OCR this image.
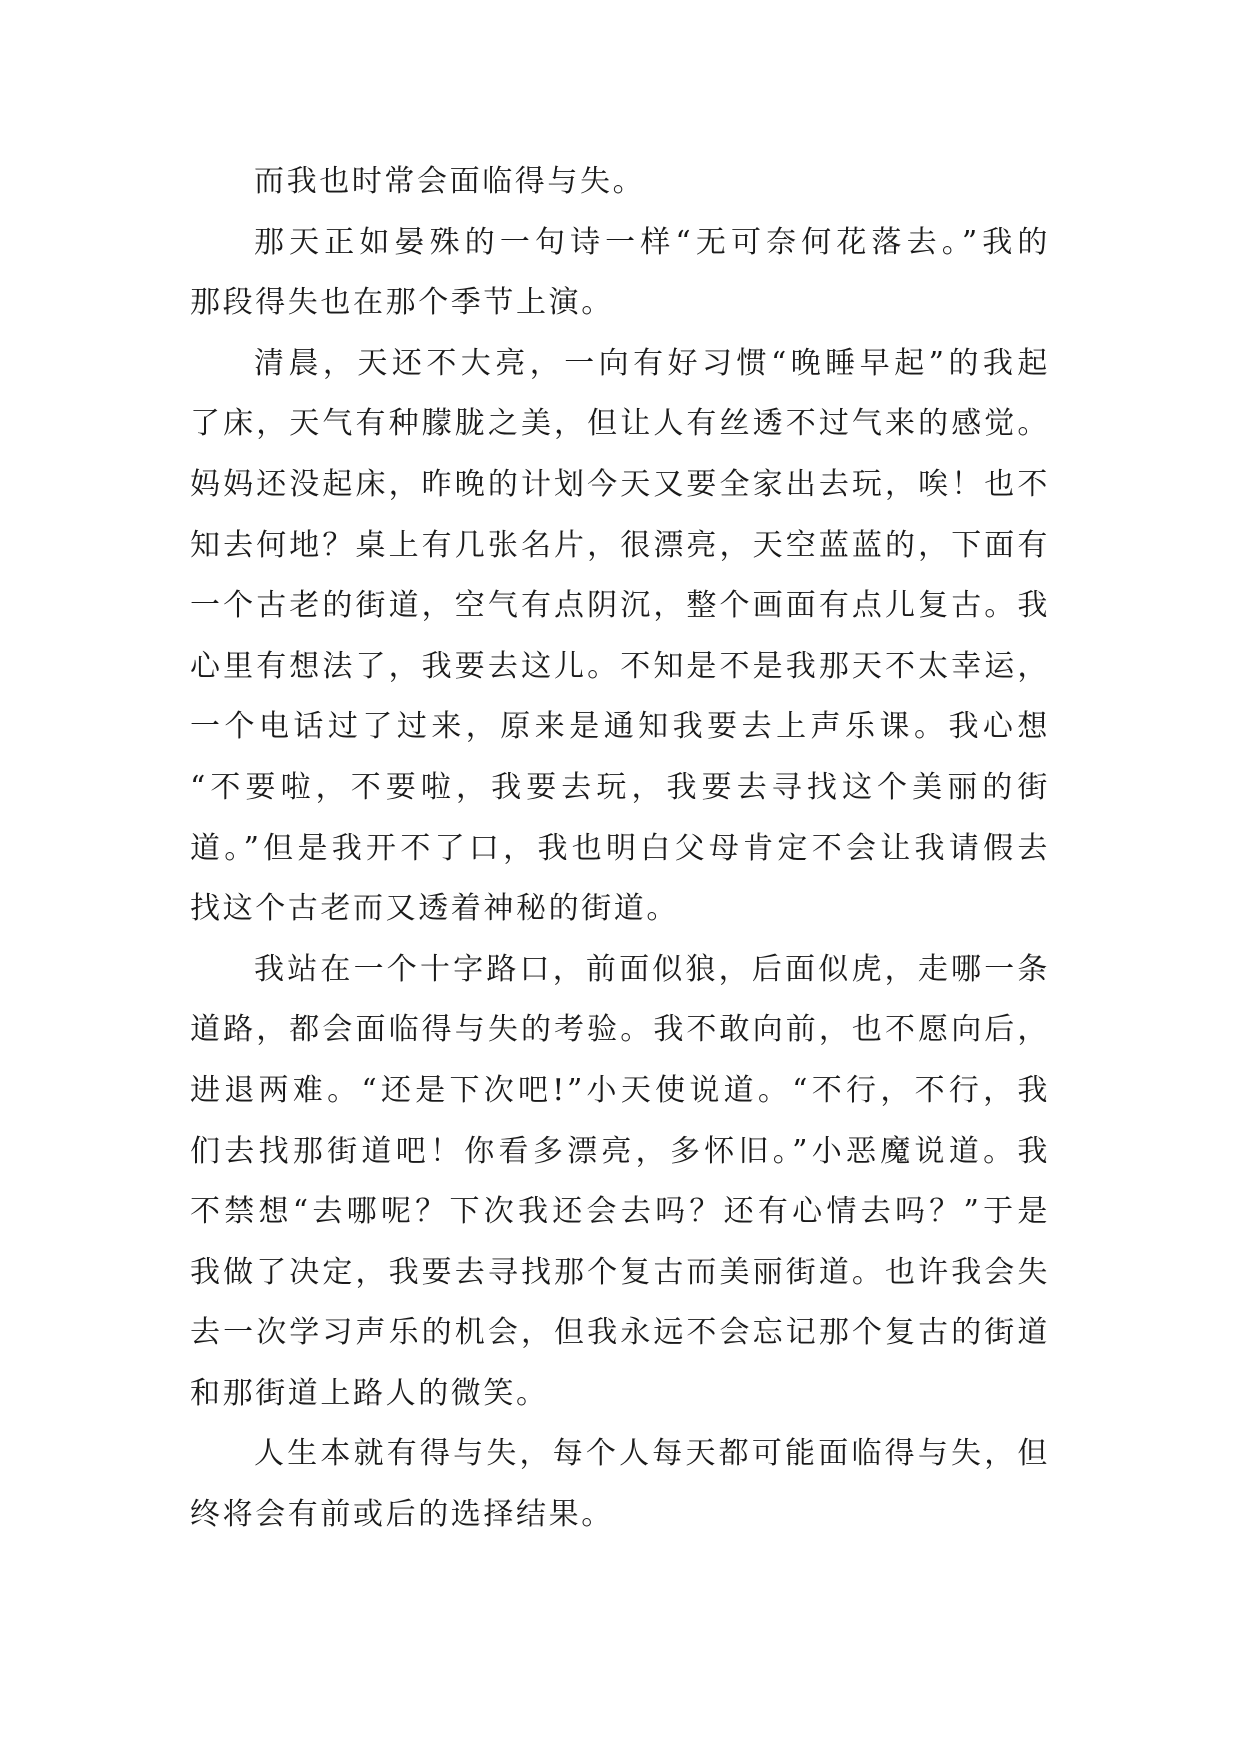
而我也时常会面临得与失。
那天正如晏殊的一句诗一样“无可奈何花落去。”我的
那段得失也在那个季节上演。
清晨，天还不大亮，一向有好习惯“晚睡早起”的我起
了床，天气有种朦胧之美，但让人有丝透不过气来的感觉。
妈妈还没起床，昨晚的计划今天又要全家出去玩，唉！也不
知去何地？桌上有几张名片，很漂亮，天空蓝蓝的，下面有
一个古老的街道，空气有点阴沉，整个画面有点儿复古。我
心里有想法了，我要去这儿。不知是不是我那天不太幸运，
一个电话过了过来，原来是通知我要去上声乐课。我心想
“不要啦，不要啦，我要去玩，我要去寻找这个美丽的街
道。”但是我开不了口，我也明白父母肯定不会让我请假去
找这个古老而又透着神秘的街道。
我站在一个十字路口，前面似狼，后面似虎，走哪一条
道路，都会面临得与失的考验。我不敢向前，也不愿向后，
进退两难。“还是下次吧!”小天使说道。“不行，不行，我
们去找那街道吧！你看多漂亮，多怀旧。”小恶魔说道。我
不禁想“去哪呢？下次我还会去吗？还有心情去吗？”于是
我做了决定，我要去寻找那个复古而美丽街道。也许我会失
去一次学习声乐的机会，但我永远不会忘记那个复古的街道
和那街道上路人的微笑。
人生本就有得与失，每个人每天都可能面临得与失，但
终将会有前或后的选择结果。
